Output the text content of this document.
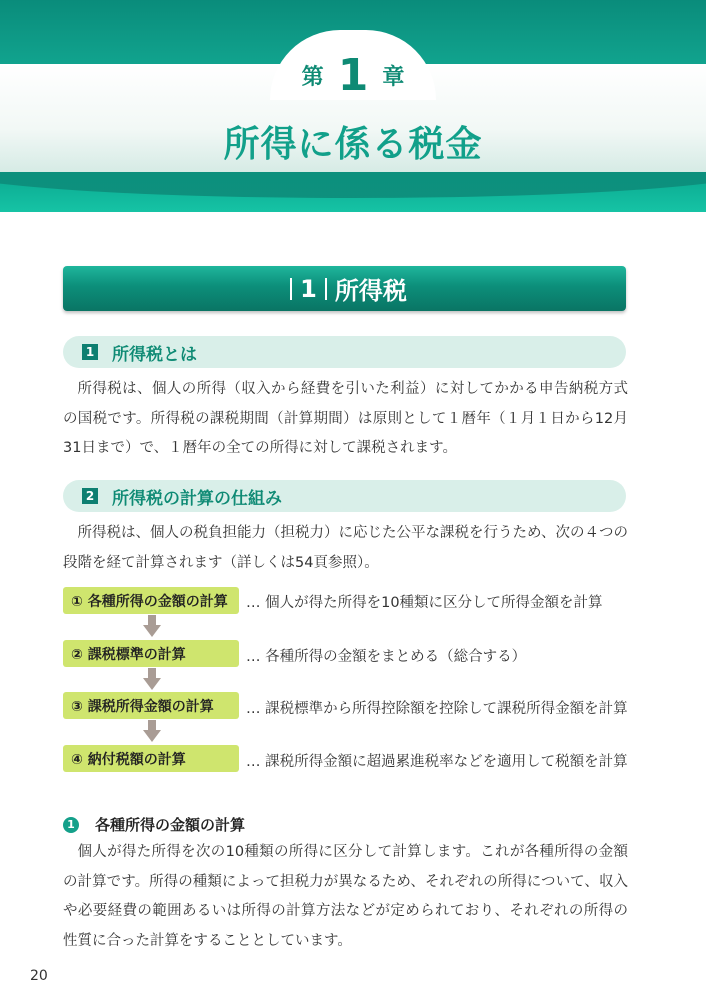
第 1 章
所得に係る税金
1 所得税
1 所得税とは
所得税は、個人の所得（収入から経費を引いた利益）に対してかかる申告納税方式の国税です。所得税の課税期間（計算期間）は原則として１暦年（１月１日から12月31日まで）で、１暦年の全ての所得に対して課税されます。
2 所得税の計算の仕組み
所得税は、個人の税負担能力（担税力）に応じた公平な課税を行うため、次の４つの段階を経て計算されます（詳しくは54頁参照）。
① 各種所得の金額の計算	… 個人が得た所得を10種類に区分して所得金額を計算
② 課税標準の計算	… 各種所得の金額をまとめる（総合する）
③ 課税所得金額の計算	… 課税標準から所得控除額を控除して課税所得金額を計算
④ 納付税額の計算	… 課税所得金額に超過累進税率などを適用して税額を計算
1 各種所得の金額の計算
個人が得た所得を次の10種類の所得に区分して計算します。これが各種所得の金額の計算です。所得の種類によって担税力が異なるため、それぞれの所得について、収入や必要経費の範囲あるいは所得の計算方法などが定められており、それぞれの所得の性質に合った計算をすることとしています。
20
